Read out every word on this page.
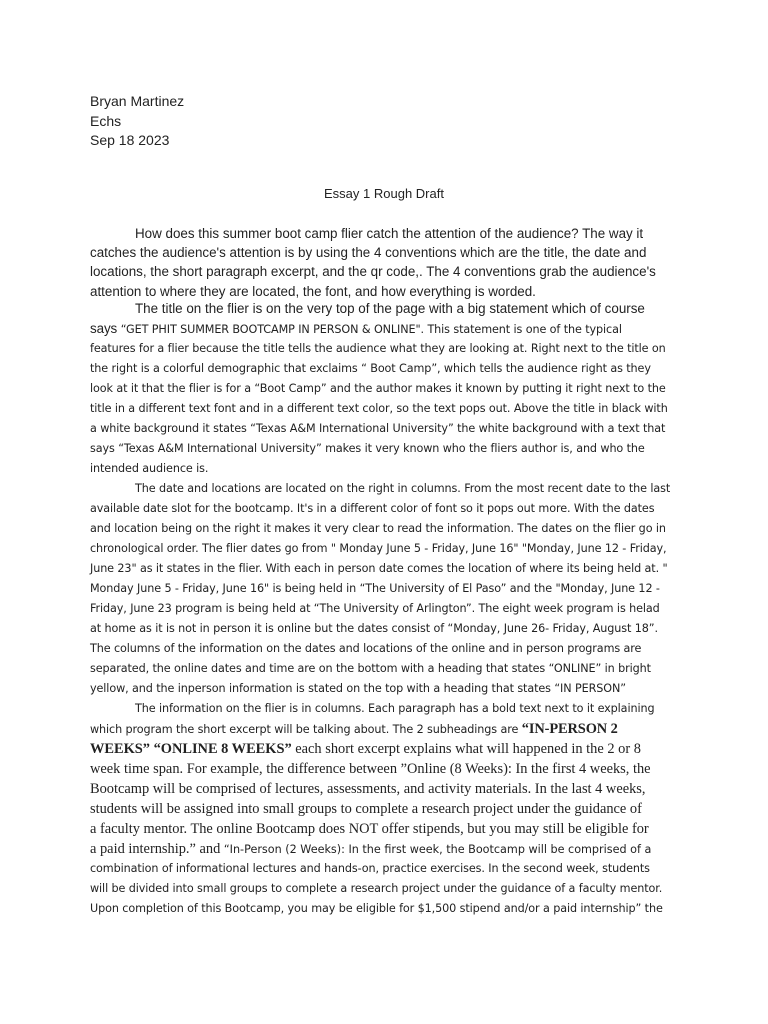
Bryan Martinez
Echs
Sep 18 2023
Essay 1 Rough Draft
How does this summer boot camp flier catch the attention of the audience? The way it catches the audience's attention is by using the 4 conventions which are the title, the date and locations, the short paragraph excerpt, and the qr code,. The 4 conventions grab the audience's attention to where they are located, the font, and how everything is worded.
The title on the flier is on the very top of the page with a big statement which of course
says “GET PHIT SUMMER BOOTCAMP IN PERSON & ONLINE". This statement is one of the typical
features for a flier because the title tells the audience what they are looking at. Right next to the title on
the right is a colorful demographic that exclaims “ Boot Camp”, which tells the audience right as they
look at it that the flier is for a “Boot Camp” and the author makes it known by putting it right next to the
title in a different text font and in a different text color, so the text pops out. Above the title in black with
a white background it states “Texas A&M International University” the white background with a text that
says “Texas A&M International University” makes it very known who the fliers author is, and who the
intended audience is.
The date and locations are located on the right in columns. From the most recent date to the last
available date slot for the bootcamp. It's in a different color of font so it pops out more. With the dates
and location being on the right it makes it very clear to read the information. The dates on the flier go in
chronological order. The flier dates go from " Monday June 5 - Friday, June 16" "Monday, June 12 - Friday,
June 23" as it states in the flier. With each in person date comes the location of where its being held at. "
Monday June 5 - Friday, June 16" is being held in “The University of El Paso” and the "Monday, June 12 -
Friday, June 23 program is being held at “The University of Arlington”. The eight week program is helad
at home as it is not in person it is online but the dates consist of “Monday, June 26- Friday, August 18”.
The columns of the information on the dates and locations of the online and in person programs are
separated, the online dates and time are on the bottom with a heading that states “ONLINE” in bright
yellow, and the inperson information is stated on the top with a heading that states “IN PERSON”
The information on the flier is in columns. Each paragraph has a bold text next to it explaining
which program the short excerpt will be talking about. The 2 subheadings are “IN-PERSON 2
WEEKS” “ONLINE 8 WEEKS” each short excerpt explains what will happened in the 2 or 8
week time span. For example, the difference between ”Online (8 Weeks): In the first 4 weeks, the
Bootcamp will be comprised of lectures, assessments, and activity materials. In the last 4 weeks,
students will be assigned into small groups to complete a research project under the guidance of
a faculty mentor. The online Bootcamp does NOT offer stipends, but you may still be eligible for
a paid internship.” and “In-Person (2 Weeks): In the first week, the Bootcamp will be comprised of a
combination of informational lectures and hands-on, practice exercises. In the second week, students
will be divided into small groups to complete a research project under the guidance of a faculty mentor.
Upon completion of this Bootcamp, you may be eligible for $1,500 stipend and/or a paid internship” the
